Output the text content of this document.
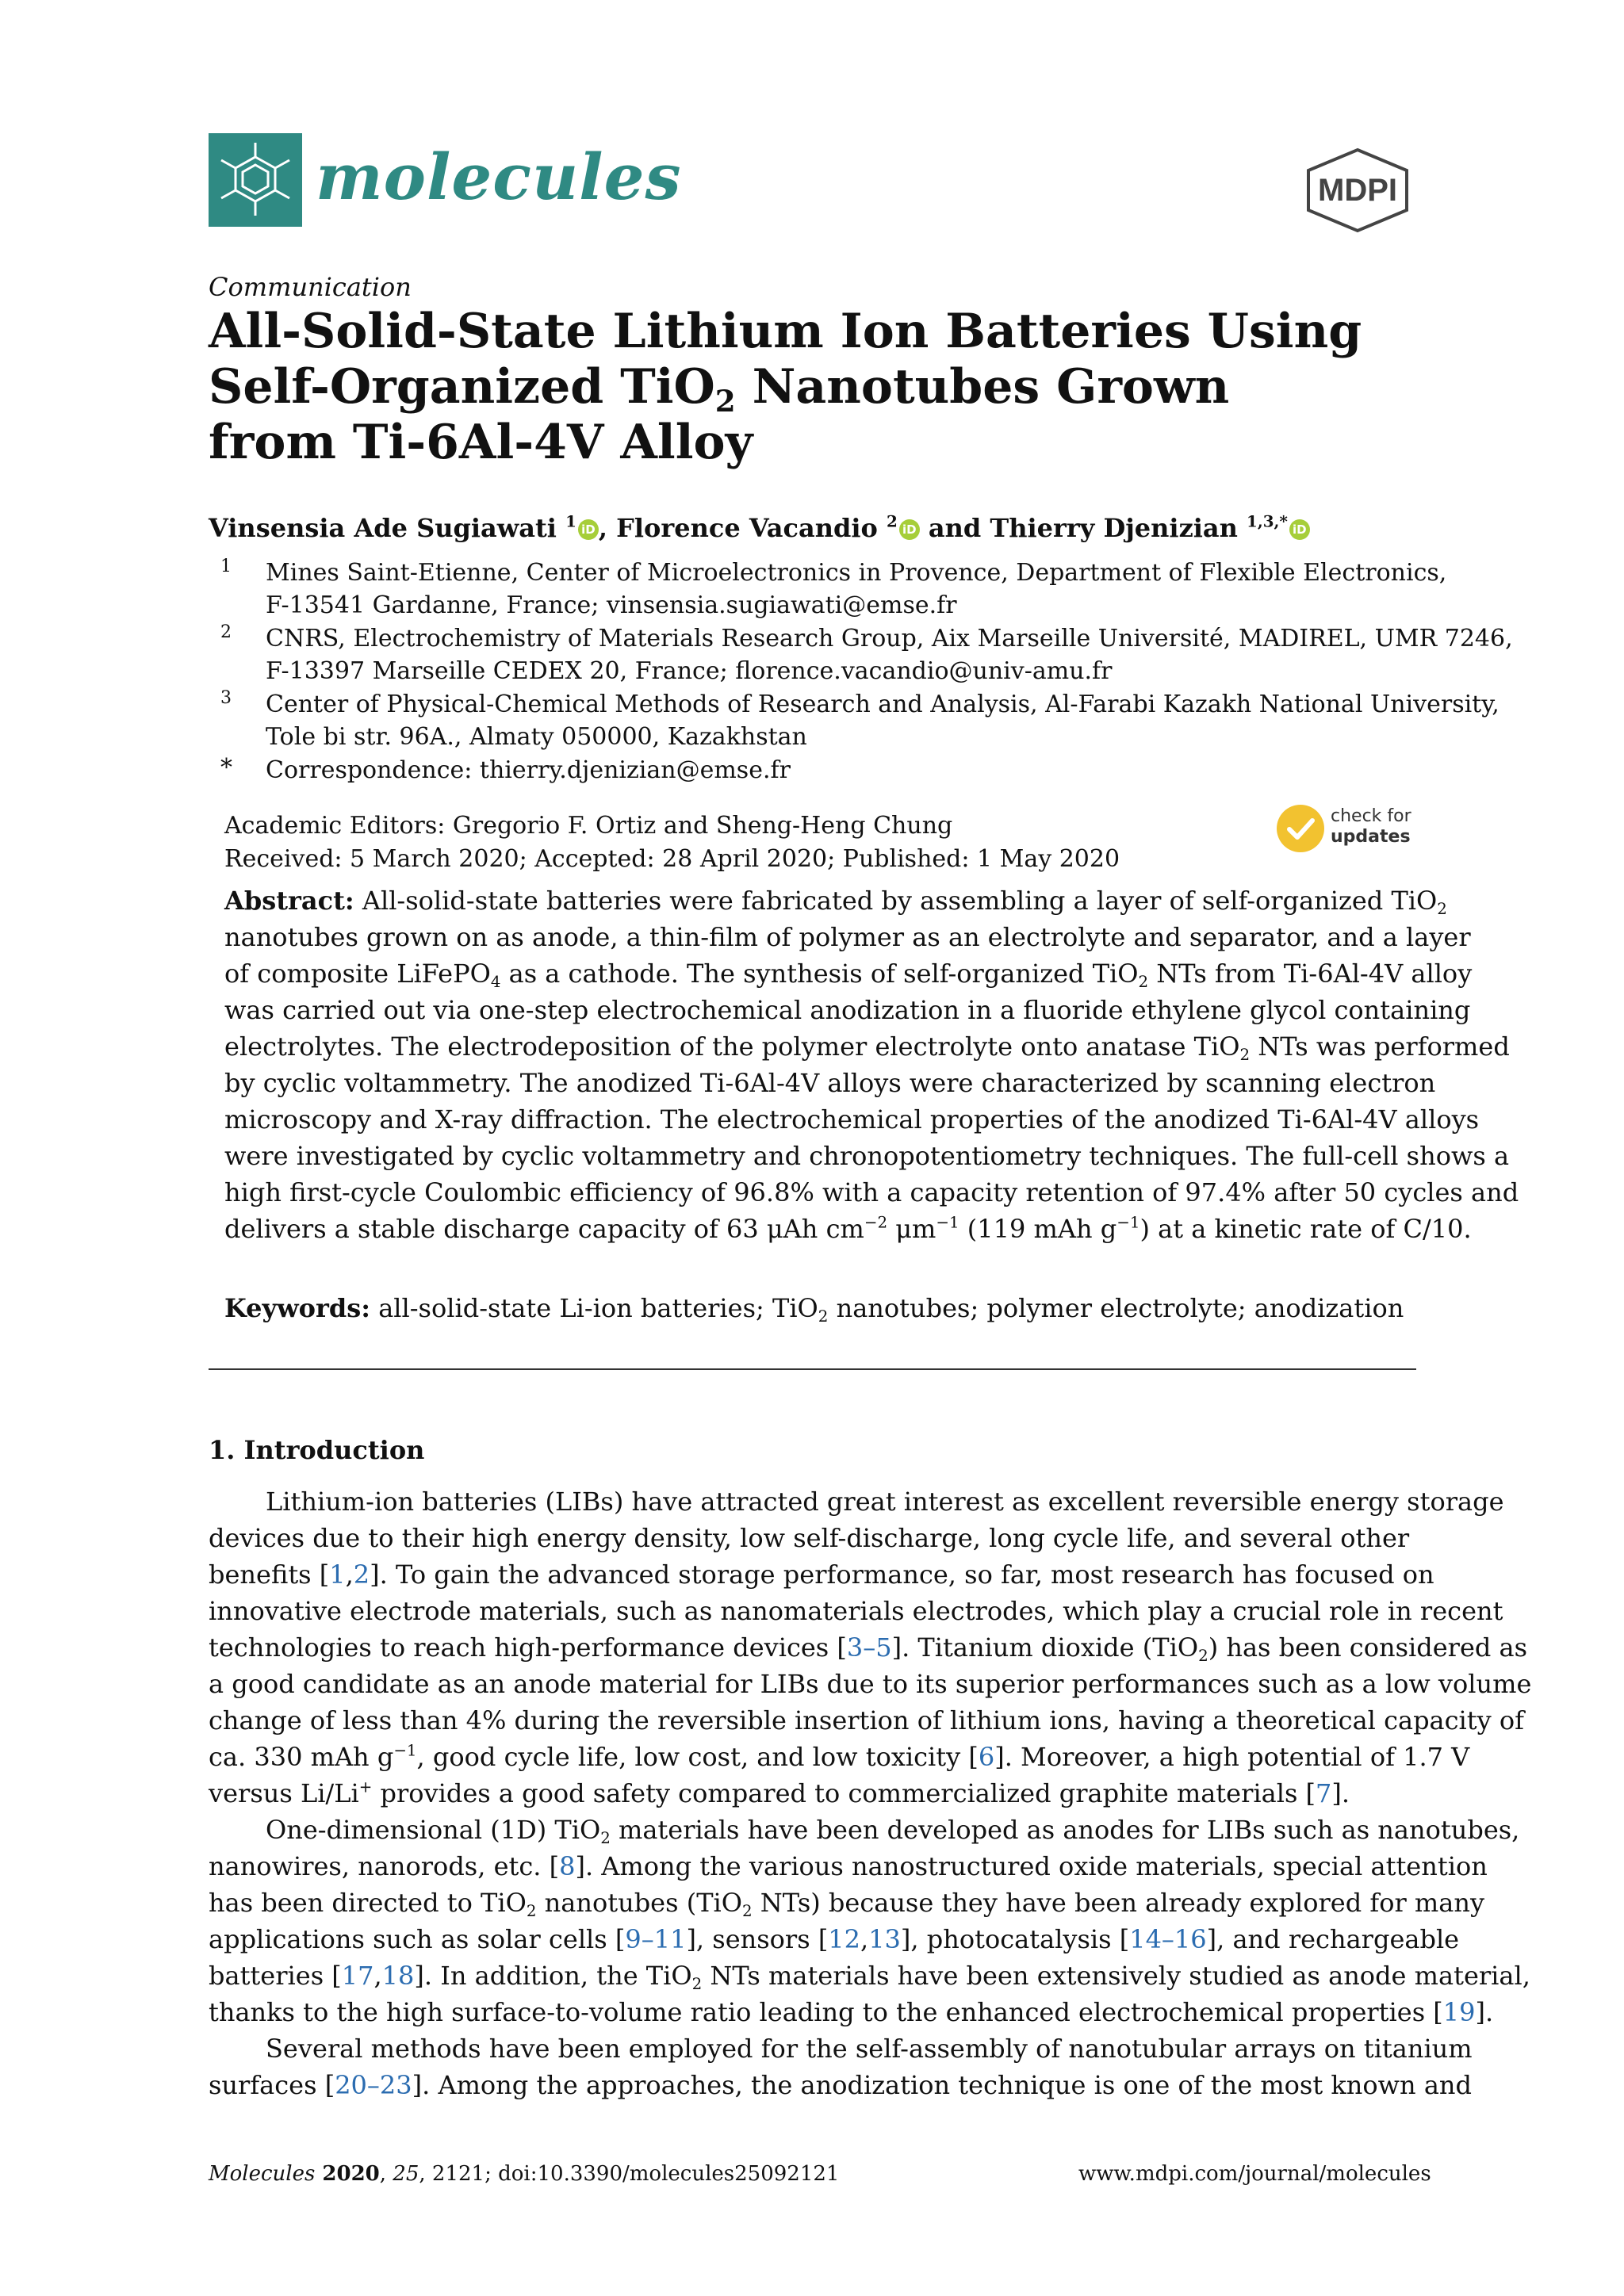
molecules	MDPI
Communication
All-Solid-State Lithium Ion Batteries Using
Self-Organized TiO$_2$ Nanotubes Grown
from Ti-6Al-4V Alloy
Vinsensia Ade Sugiawati $^1$ iD , Florence Vacandio $^2$ iD and Thierry Djenizian $^{1,3,*}$ iD
1 Mines Saint-Etienne, Center of Microelectronics in Provence, Department of Flexible Electronics,
F-13541 Gardanne, France; vinsensia.sugiawati@emse.fr
2 CNRS, Electrochemistry of Materials Research Group, Aix Marseille Université, MADIREL, UMR 7246,
F-13397 Marseille CEDEX 20, France; florence.vacandio@univ-amu.fr
3 Center of Physical-Chemical Methods of Research and Analysis, Al-Farabi Kazakh National University,
Tole bi str. 96A., Almaty 050000, Kazakhstan
* Correspondence: thierry.djenizian@emse.fr
Academic Editors: Gregorio F. Ortiz and Sheng-Heng Chung
Received: 5 March 2020; Accepted: 28 April 2020; Published: 1 May 2020
check for
updates
Abstract: All-solid-state batteries were fabricated by assembling a layer of self-organized TiO$_2$
nanotubes grown on as anode, a thin-film of polymer as an electrolyte and separator, and a layer
of composite LiFePO$_4$ as a cathode. The synthesis of self-organized TiO$_2$ NTs from Ti-6Al-4V alloy
was carried out via one-step electrochemical anodization in a fluoride ethylene glycol containing
electrolytes. The electrodeposition of the polymer electrolyte onto anatase TiO$_2$ NTs was performed
by cyclic voltammetry. The anodized Ti-6Al-4V alloys were characterized by scanning electron
microscopy and X-ray diffraction. The electrochemical properties of the anodized Ti-6Al-4V alloys
were investigated by cyclic voltammetry and chronopotentiometry techniques. The full-cell shows a
high first-cycle Coulombic efficiency of 96.8% with a capacity retention of 97.4% after 50 cycles and
delivers a stable discharge capacity of 63 μAh $cm^{-2}$ $\mu m^{-1}$ (119 mAh $g^{-1}$) at a kinetic rate of C/10.
Keywords: all-solid-state Li-ion batteries; TiO$_2$ nanotubes; polymer electrolyte; anodization
1. Introduction
Lithium-ion batteries (LIBs) have attracted great interest as excellent reversible energy storage
devices due to their high energy density, low self-discharge, long cycle life, and several other
benefits [1,2]. To gain the advanced storage performance, so far, most research has focused on
innovative electrode materials, such as nanomaterials electrodes, which play a crucial role in recent
technologies to reach high-performance devices [3–5]. Titanium dioxide (TiO$_2$) has been considered as
a good candidate as an anode material for LIBs due to its superior performances such as a low volume
change of less than 4% during the reversible insertion of lithium ions, having a theoretical capacity of
ca. 330 mAh $g^{-1}$, good cycle life, low cost, and low toxicity [6]. Moreover, a high potential of 1.7 V
versus Li/Li+ provides a good safety compared to commercialized graphite materials [7].
One-dimensional (1D) TiO$_2$ materials have been developed as anodes for LIBs such as nanotubes,
nanowires, nanorods, etc. [8]. Among the various nanostructured oxide materials, special attention
has been directed to TiO$_2$ nanotubes (TiO$_2$ NTs) because they have been already explored for many
applications such as solar cells [9–11], sensors [12,13], photocatalysis [14–16], and rechargeable
batteries [17,18]. In addition, the TiO$_2$ NTs materials have been extensively studied as anode material,
thanks to the high surface-to-volume ratio leading to the enhanced electrochemical properties [19].
Several methods have been employed for the self-assembly of nanotubular arrays on titanium
surfaces [20–23]. Among the approaches, the anodization technique is one of the most known and
Molecules 2020, 25, 2121; doi:10.3390/molecules25092121	www.mdpi.com/journal/molecules
